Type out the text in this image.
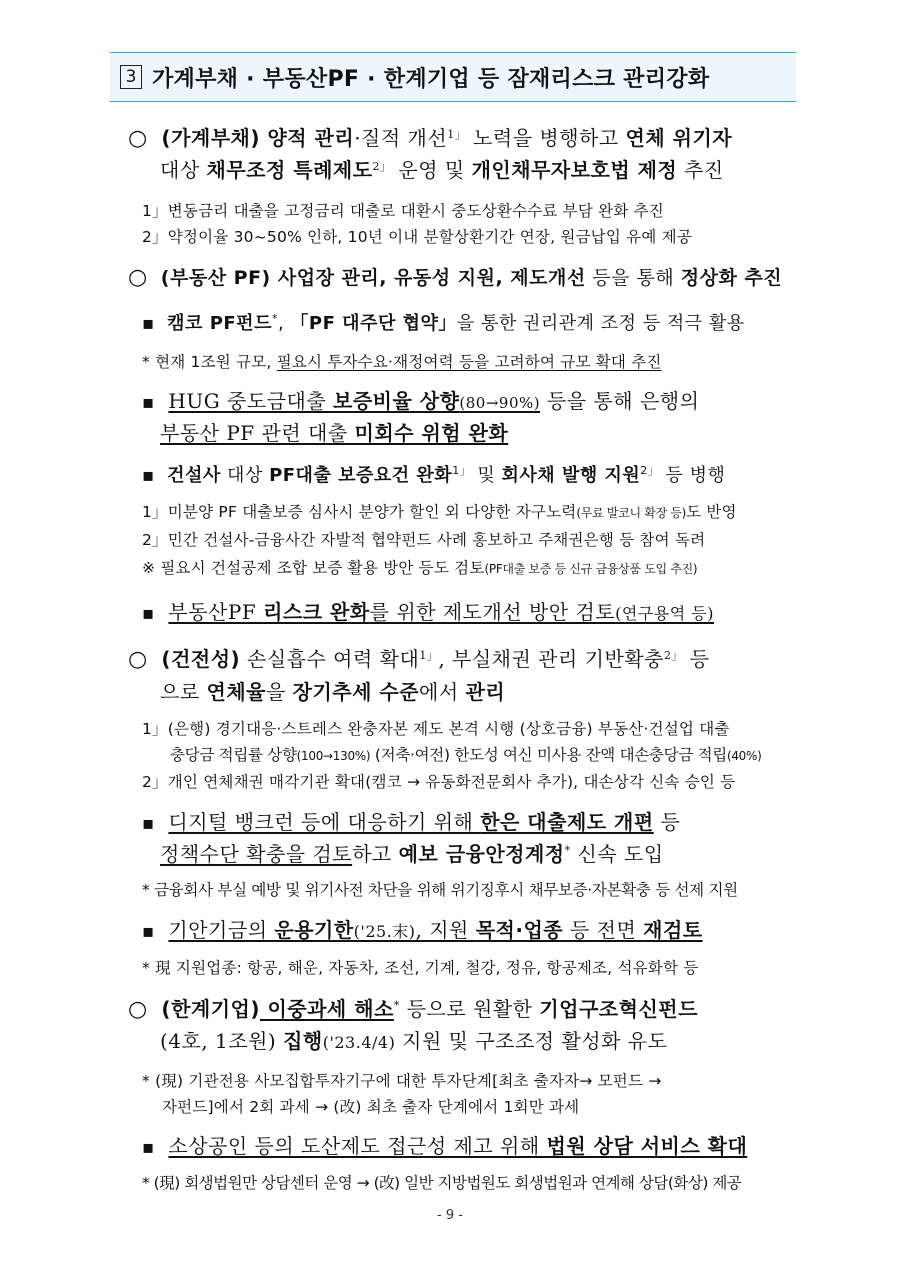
3 가계부채 · 부동산PF · 한계기업 등 잠재리스크 관리강화
○ (가계부채) 양적 관리·질적 개선$^{1」}$ 노력을 병행하고 연체 위기자
대상 채무조정 특례제도$^{2」}$ 운영 및 개인채무자보호법 제정 추진
1」변동금리 대출을 고정금리 대출로 대환시 중도상환수수료 부담 완화 추진
2」약정이율 30~50% 인하, 10년 이내 분할상환기간 연장, 원금납입 유예 제공
○ (부동산 PF) 사업장 관리, 유동성 지원, 제도개선 등을 통해 정상화 추진
▪ 캠코 PF펀드*, 「PF 대주단 협약」을 통한 권리관계 조정 등 적극 활용
* 현재 1조원 규모, 필요시 투자수요·재정여력 등을 고려하여 규모 확대 추진
▪ HUG 중도금대출 보증비율 상향(80→90%) 등을 통해 은행의
부동산 PF 관련 대출 미회수 위험 완화
▪ 건설사 대상 PF대출 보증요건 완화$^{1」}$ 및 회사채 발행 지원$^{2」}$ 등 병행
1」미분양 PF 대출보증 심사시 분양가 할인 외 다양한 자구노력(무료 발코니 확장 등)도 반영
2」민간 건설사-금융사간 자발적 협약펀드 사례 홍보하고 주채권은행 등 참여 독려
※ 필요시 건설공제 조합 보증 활용 방안 등도 검토(PF대출 보증 등 신규 금융상품 도입 추진)
▪ 부동산PF 리스크 완화를 위한 제도개선 방안 검토(연구용역 등)
○ (건전성) 손실흡수 여력 확대$^{1」}$, 부실채권 관리 기반확충$^{2」}$ 등
으로 연체율을 장기추세 수준에서 관리
1」(은행) 경기대응·스트레스 완충자본 제도 본격 시행 (상호금융) 부동산·건설업 대출
충당금 적립률 상향(100→130%) (저축·여전) 한도성 여신 미사용 잔액 대손충당금 적립(40%)
2」개인 연체채권 매각기관 확대(캠코 → 유동화전문회사 추가), 대손상각 신속 승인 등
▪ 디지털 뱅크런 등에 대응하기 위해 한은 대출제도 개편 등
정책수단 확충을 검토하고 예보 금융안정계정* 신속 도입
* 금융회사 부실 예방 및 위기사전 차단을 위해 위기징후시 채무보증·자본확충 등 선제 지원
▪ 기안기금의 운용기한('25.末), 지원 목적·업종 등 전면 재검토
* 現 지원업종: 항공, 해운, 자동차, 조선, 기계, 철강, 정유, 항공제조, 석유화학 등
○ (한계기업) 이중과세 해소* 등으로 원활한 기업구조혁신펀드
(4호, 1조원) 집행('23.4/4) 지원 및 구조조정 활성화 유도
* (現) 기관전용 사모집합투자기구에 대한 투자단계[최초 출자자→ 모펀드 →
자펀드]에서 2회 과세 → (改) 최초 출자 단계에서 1회만 과세
▪ 소상공인 등의 도산제도 접근성 제고 위해 법원 상담 서비스 확대
* (現) 회생법원만 상담센터 운영 → (改) 일반 지방법원도 회생법원과 연계해 상담(화상) 제공
- 9 -
